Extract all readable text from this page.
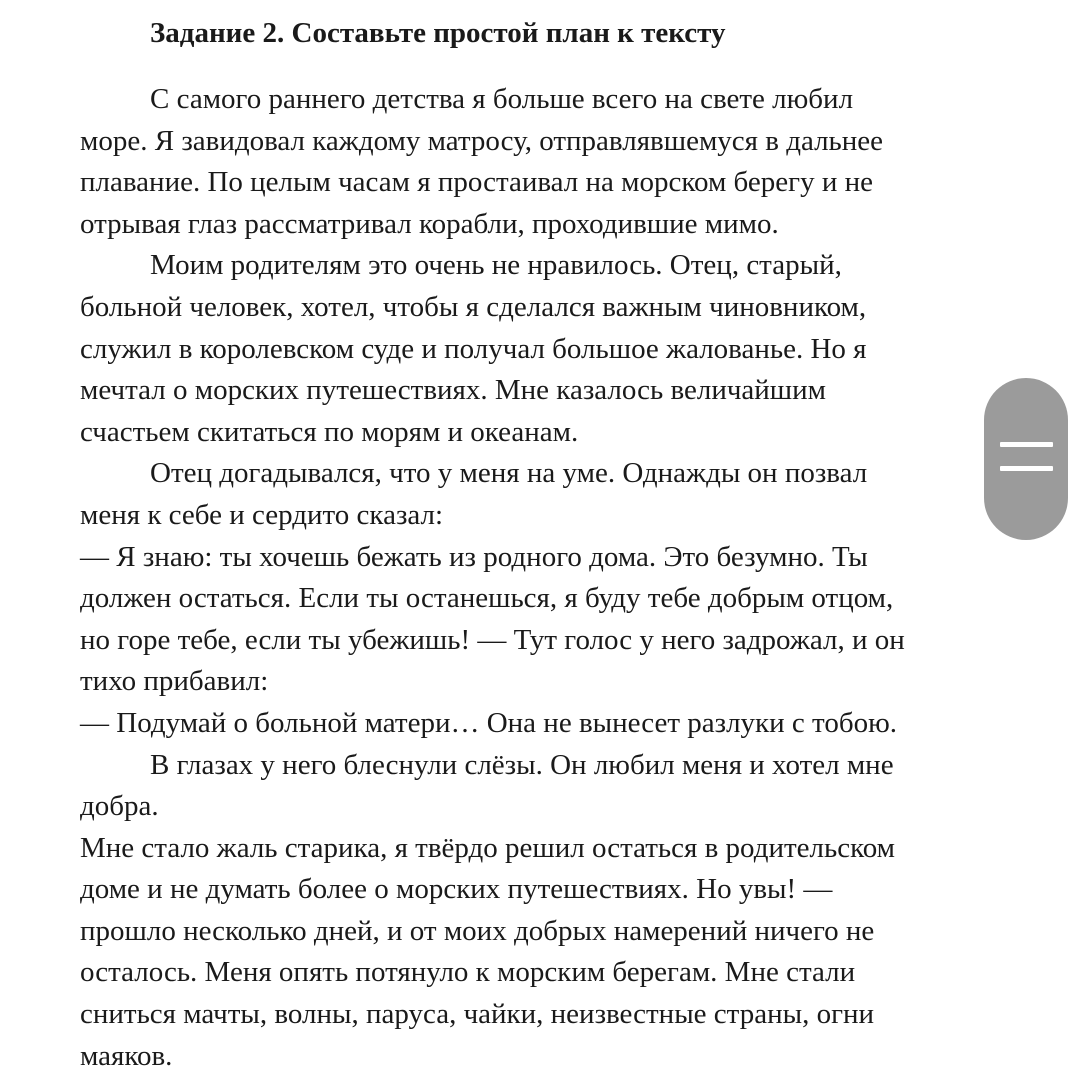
Задание 2. Составьте простой план к тексту
С самого раннего детства я больше всего на свете любил
море. Я завидовал каждому матросу, отправлявшемуся в дальнее
плавание. По целым часам я простаивал на морском берегу и не
отрывая глаз рассматривал корабли, проходившие мимо.
Моим родителям это очень не нравилось. Отец, старый,
больной человек, хотел, чтобы я сделался важным чиновником,
служил в королевском суде и получал большое жалованье. Но я
мечтал о морских путешествиях. Мне казалось величайшим
счастьем скитаться по морям и океанам.
Отец догадывался, что у меня на уме. Однажды он позвал
меня к себе и сердито сказал:
— Я знаю: ты хочешь бежать из родного дома. Это безумно. Ты
должен остаться. Если ты останешься, я буду тебе добрым отцом,
но горе тебе, если ты убежишь! — Тут голос у него задрожал, и он
тихо прибавил:
— Подумай о больной матери… Она не вынесет разлуки с тобою.
В глазах у него блеснули слёзы. Он любил меня и хотел мне
добра.
Мне стало жаль старика, я твёрдо решил остаться в родительском
доме и не думать более о морских путешествиях. Но увы! —
прошло несколько дней, и от моих добрых намерений ничего не
осталось. Меня опять потянуло к морским берегам. Мне стали
сниться мачты, волны, паруса, чайки, неизвестные страны, огни
маяков.
